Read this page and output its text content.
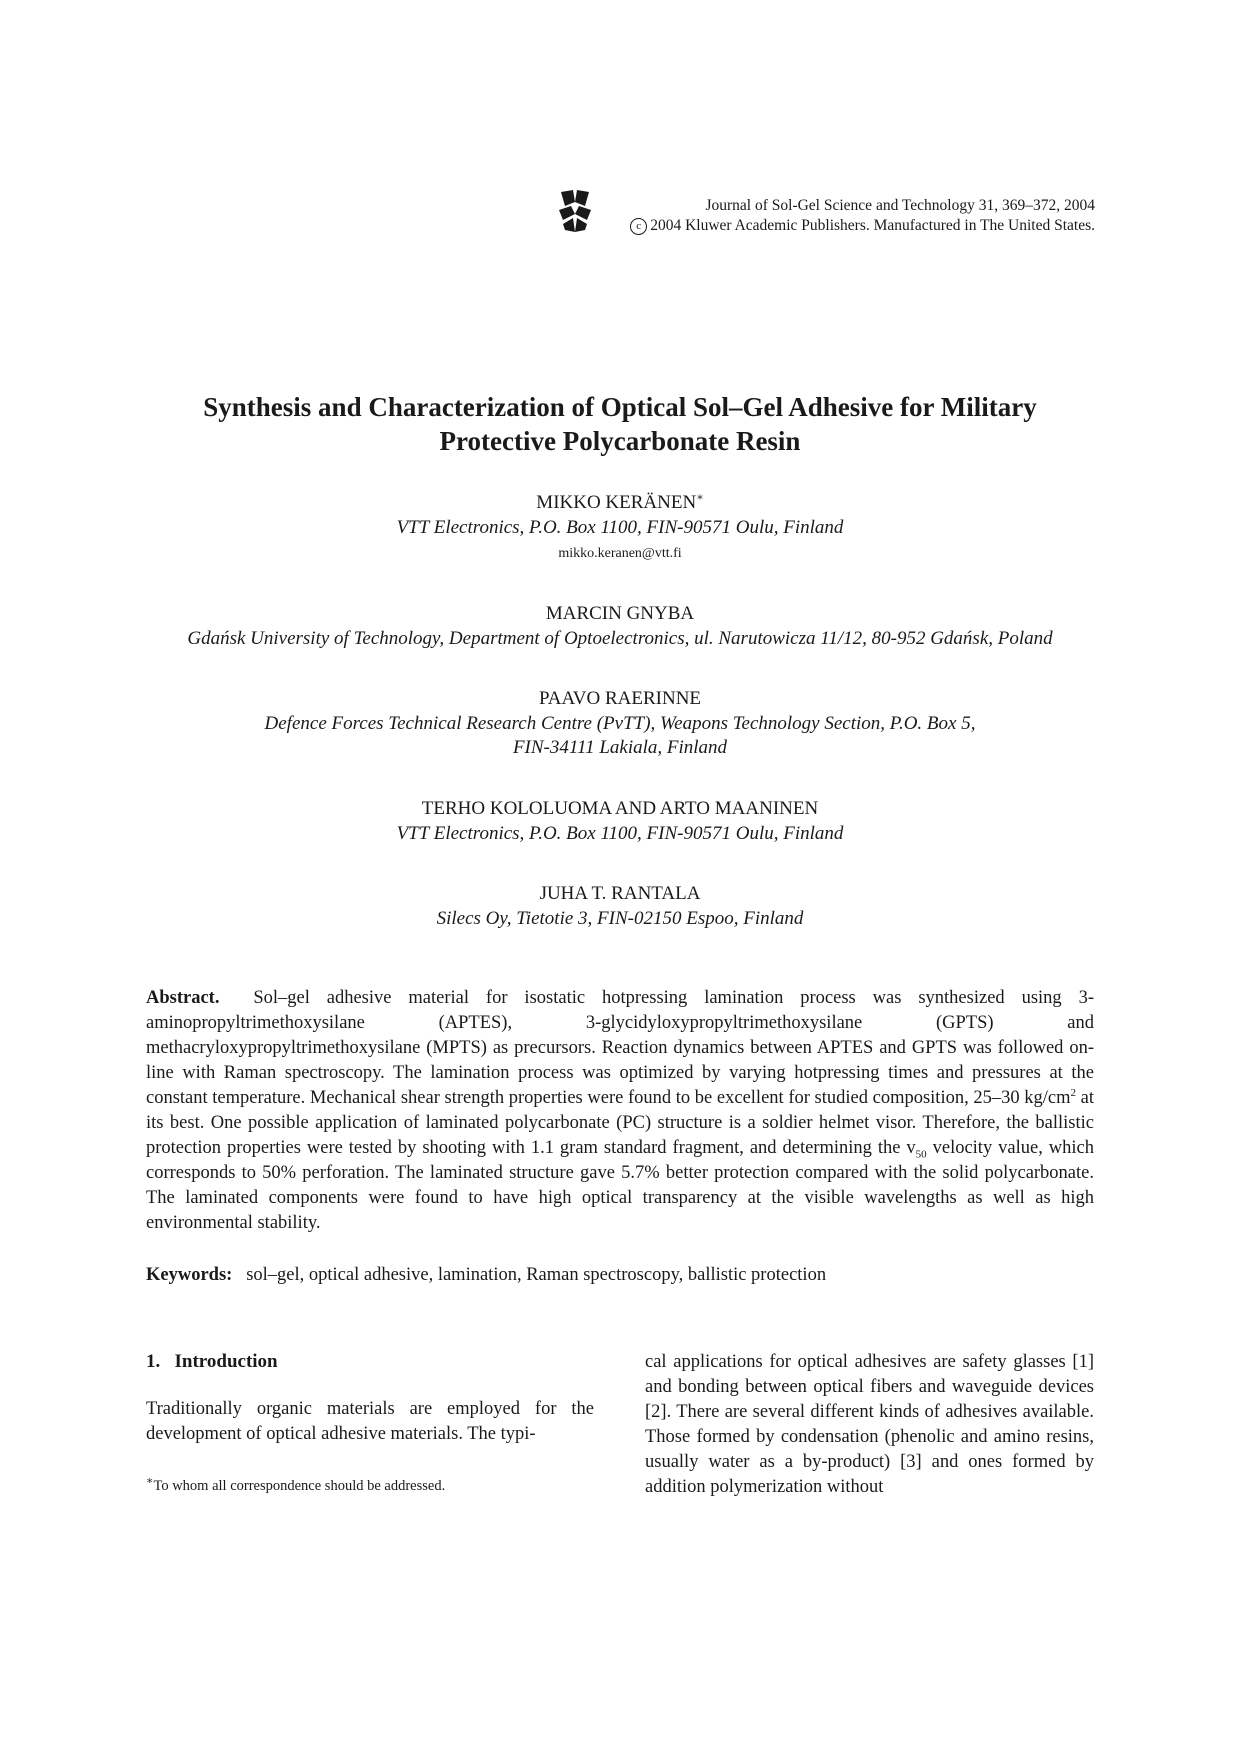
Journal of Sol-Gel Science and Technology 31, 369–372, 2004
c 2004 Kluwer Academic Publishers. Manufactured in The United States.
Synthesis and Characterization of Optical Sol–Gel Adhesive for Military
Protective Polycarbonate Resin
MIKKO KERÄNEN∗
VTT Electronics, P.O. Box 1100, FIN-90571 Oulu, Finland
mikko.keranen@vtt.fi
MARCIN GNYBA
Gdańsk University of Technology, Department of Optoelectronics, ul. Narutowicza 11/12, 80-952 Gdańsk, Poland
PAAVO RAERINNE
Defence Forces Technical Research Centre (PvTT), Weapons Technology Section, P.O. Box 5,
FIN-34111 Lakiala, Finland
TERHO KOLOLUOMA AND ARTO MAANINEN
VTT Electronics, P.O. Box 1100, FIN-90571 Oulu, Finland
JUHA T. RANTALA
Silecs Oy, Tietotie 3, FIN-02150 Espoo, Finland
Abstract. Sol–gel adhesive material for isostatic hotpressing lamination process was synthesized using 3-aminopropyltrimethoxysilane (APTES), 3-glycidyloxypropyltrimethoxysilane (GPTS) and methacryloxypropyltrimethoxysilane (MPTS) as precursors. Reaction dynamics between APTES and GPTS was followed on-line with Raman spectroscopy. The lamination process was optimized by varying hotpressing times and pressures at the constant temperature. Mechanical shear strength properties were found to be excellent for studied composition, 25–30 $kg/cm^2$ at its best. One possible application of laminated polycarbonate (PC) structure is a soldier helmet visor. Therefore, the ballistic protection properties were tested by shooting with 1.1 gram standard fragment, and determining the $v_{50}$ velocity value, which corresponds to 50% perforation. The laminated structure gave 5.7% better protection compared with the solid polycarbonate. The laminated components were found to have high optical transparency at the visible wavelengths as well as high environmental stability.
Keywords: sol–gel, optical adhesive, lamination, Raman spectroscopy, ballistic protection
1.   Introduction
Traditionally organic materials are employed for the development of optical adhesive materials. The typi-
cal applications for optical adhesives are safety glasses [1] and bonding between optical fibers and waveguide devices [2]. There are several different kinds of adhesives available. Those formed by condensation (phenolic and amino resins, usually water as a by-product) [3] and ones formed by addition polymerization without
∗To whom all correspondence should be addressed.
